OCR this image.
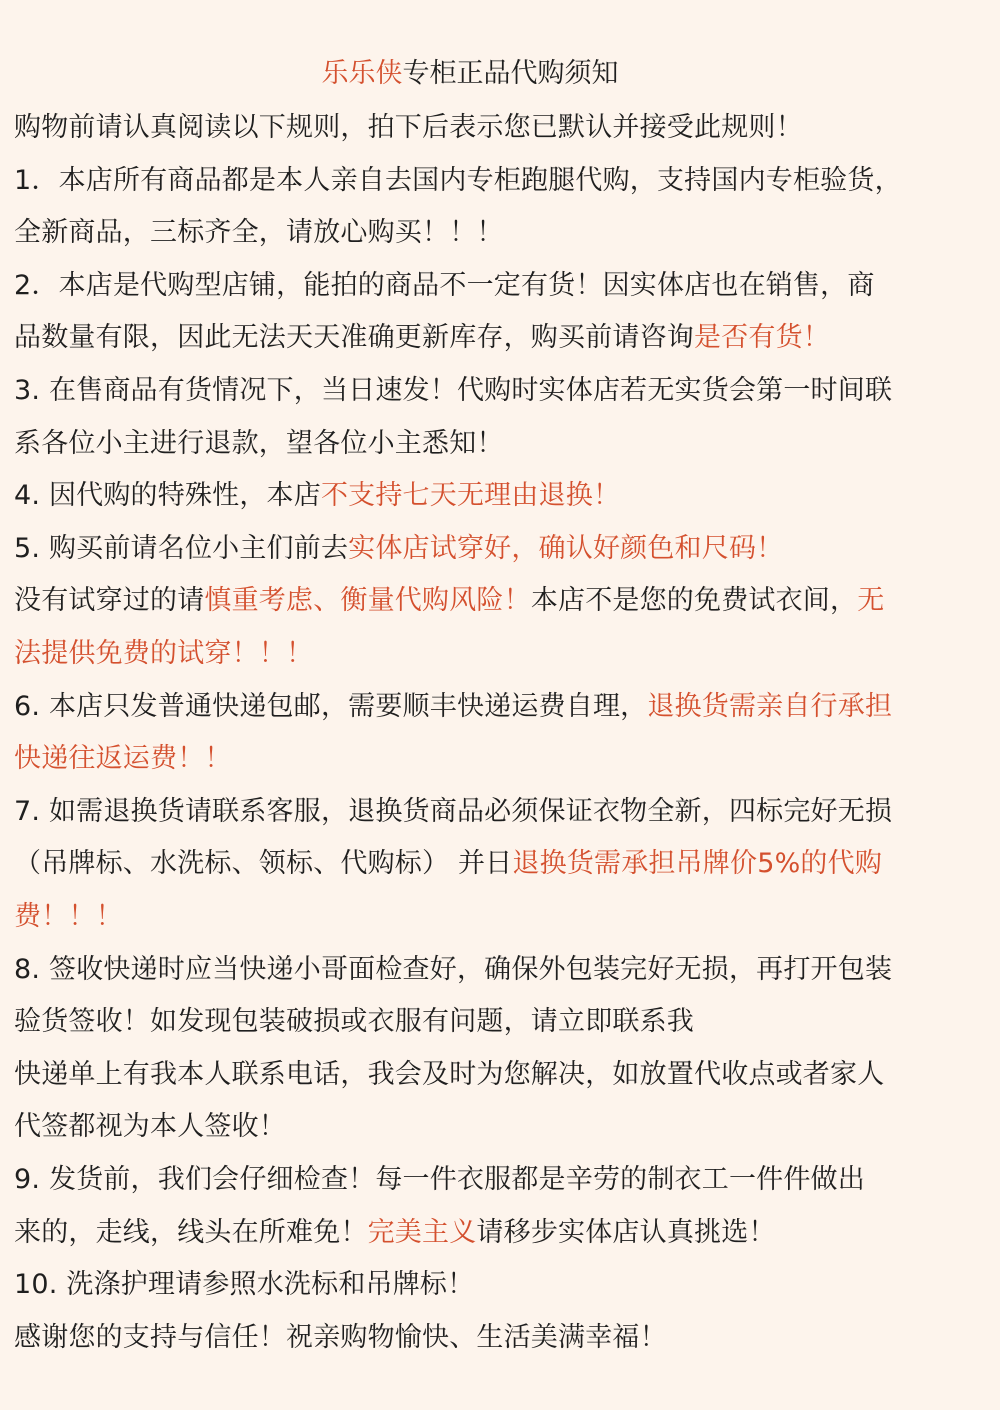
乐乐侠专柜正品代购须知
购物前请认真阅读以下规则，拍下后表示您已默认并接受此规则！
1．本店所有商品都是本人亲自去国内专柜跑腿代购，支持国内专柜验货，
全新商品，三标齐全，请放心购买！！！
2．本店是代购型店铺，能拍的商品不一定有货！因实体店也在销售，商
品数量有限，因此无法天天准确更新库存，购买前请咨询是否有货！
3. 在售商品有货情况下，当日速发！代购时实体店若无实货会第一时间联
系各位小主进行退款，望各位小主悉知！
4. 因代购的特殊性，本店不支持七天无理由退换！
5. 购买前请名位小主们前去实体店试穿好，确认好颜色和尺码！
没有试穿过的请慎重考虑、衡量代购风险！本店不是您的免费试衣间，无
法提供免费的试穿！！！
6. 本店只发普通快递包邮，需要顺丰快递运费自理，退换货需亲自行承担
快递往返运费！！
7. 如需退换货请联系客服，退换货商品必须保证衣物全新，四标完好无损
（吊牌标、水洗标、领标、代购标） 并日退换货需承担吊牌价5%的代购
费！！！
8. 签收快递时应当快递小哥面检查好，确保外包装完好无损，再打开包装
验货签收！如发现包装破损或衣服有问题，请立即联系我
快递单上有我本人联系电话，我会及时为您解决，如放置代收点或者家人
代签都视为本人签收！
9. 发货前，我们会仔细检查！每一件衣服都是辛劳的制衣工一件件做出
来的，走线，线头在所难免！完美主义请移步实体店认真挑选！
10. 洗涤护理请参照水洗标和吊牌标！
感谢您的支持与信任！祝亲购物愉快、生活美满幸福！
